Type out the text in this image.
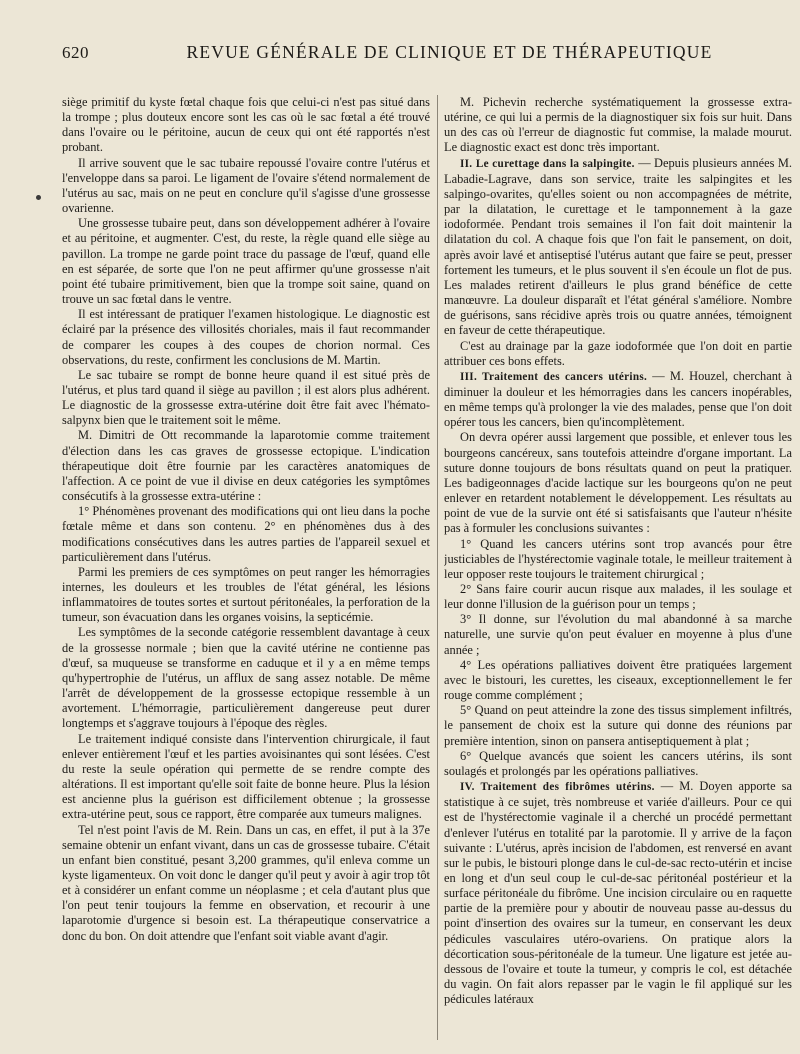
620	REVUE GÉNÉRALE DE CLINIQUE ET DE THÉRAPEUTIQUE

siège primitif du kyste fœtal chaque fois que celui-ci n'est pas situé dans la trompe ; plus douteux encore sont les cas où le sac fœtal a été trouvé dans l'ovaire ou le péritoine, aucun de ceux qui ont été rapportés n'est probant.

Il arrive souvent que le sac tubaire repoussé l'ovaire contre l'utérus et l'enveloppe dans sa paroi. Le ligament de l'ovaire s'étend normalement de l'utérus au sac, mais on ne peut en conclure qu'il s'agisse d'une grossesse ovarienne.

Une grossesse tubaire peut, dans son développement adhérer à l'ovaire et au péritoine, et augmenter. C'est, du reste, la règle quand elle siège au pavillon. La trompe ne garde point trace du passage de l'œuf, quand elle en est séparée, de sorte que l'on ne peut affirmer qu'une grossesse n'ait point été tubaire primitivement, bien que la trompe soit saine, quand on trouve un sac fœtal dans le ventre.

Il est intéressant de pratiquer l'examen histologique. Le diagnostic est éclairé par la présence des villosités choriales, mais il faut recommander de comparer les coupes à des coupes de chorion normal. Ces observations, du reste, confirment les conclusions de M. Martin.

Le sac tubaire se rompt de bonne heure quand il est situé près de l'utérus, et plus tard quand il siège au pavillon ; il est alors plus adhérent. Le diagnostic de la grossesse extra-utérine doit être fait avec l'hémato-salpynx bien que le traitement soit le même.

M. Dimitri de Ott recommande la laparotomie comme traitement d'élection dans les cas graves de grossesse ectopique. L'indication thérapeutique doit être fournie par les caractères anatomiques de l'affection. A ce point de vue il divise en deux catégories les symptômes consécutifs à la grossesse extra-utérine :

1° Phénomènes provenant des modifications qui ont lieu dans la poche fœtale même et dans son contenu. 2° en phénomènes dus à des modifications consécutives dans les autres parties de l'appareil sexuel et particulièrement dans l'utérus.

Parmi les premiers de ces symptômes on peut ranger les hémorragies internes, les douleurs et les troubles de l'état général, les lésions inflammatoires de toutes sortes et surtout péritonéales, la perforation de la tumeur, son évacuation dans les organes voisins, la septicémie.

Les symptômes de la seconde catégorie ressemblent davantage à ceux de la grossesse normale ; bien que la cavité utérine ne contienne pas d'œuf, sa muqueuse se transforme en caduque et il y a en même temps qu'hypertrophie de l'utérus, un afflux de sang assez notable. De même l'arrêt de développement de la grossesse ectopique ressemble à un avortement. L'hémorragie, particulièrement dangereuse peut durer longtemps et s'aggrave toujours à l'époque des règles.

Le traitement indiqué consiste dans l'intervention chirurgicale, il faut enlever entièrement l'œuf et les parties avoisinantes qui sont lésées. C'est du reste la seule opération qui permette de se rendre compte des altérations. Il est important qu'elle soit faite de bonne heure. Plus la lésion est ancienne plus la guérison est difficilement obtenue ; la grossesse extra-utérine peut, sous ce rapport, être comparée aux tumeurs malignes.

Tel n'est point l'avis de M. Rein. Dans un cas, en effet, il put à la 37e semaine obtenir un enfant vivant, dans un cas de grossesse tubaire. C'était un enfant bien constitué, pesant 3,200 grammes, qu'il enleva comme un kyste ligamenteux. On voit donc le danger qu'il peut y avoir à agir trop tôt et à considérer un enfant comme un néoplasme ; et cela d'autant plus que l'on peut tenir toujours la femme en observation, et recourir à une laparotomie d'urgence si besoin est. La thérapeutique conservatrice a donc du bon. On doit attendre que l'enfant soit viable avant d'agir.

M. Pichevin recherche systématiquement la grossesse extra-utérine, ce qui lui a permis de la diagnostiquer six fois sur huit. Dans un des cas où l'erreur de diagnostic fut commise, la malade mourut. Le diagnostic exact est donc très important.

II. Le curettage dans la salpingite. — Depuis plusieurs années M. Labadie-Lagrave, dans son service, traite les salpingites et les salpingo-ovarites, qu'elles soient ou non accompagnées de métrite, par la dilatation, le curettage et le tamponnement à la gaze iodoformée. Pendant trois semaines il l'on fait doit maintenir la dilatation du col. A chaque fois que l'on fait le pansement, on doit, après avoir lavé et antiseptisé l'utérus autant que faire se peut, presser fortement les tumeurs, et le plus souvent il s'en écoule un flot de pus. Les malades retirent d'ailleurs le plus grand bénéfice de cette manœuvre. La douleur disparaît et l'état général s'améliore. Nombre de guérisons, sans récidive après trois ou quatre années, témoignent en faveur de cette thérapeutique.

C'est au drainage par la gaze iodoformée que l'on doit en partie attribuer ces bons effets.

III. Traitement des cancers utérins. — M. Houzel, cherchant à diminuer la douleur et les hémorragies dans les cancers inopérables, en même temps qu'à prolonger la vie des malades, pense que l'on doit opérer tous les cancers, bien qu'incomplètement.

On devra opérer aussi largement que possible, et enlever tous les bourgeons cancéreux, sans toutefois atteindre d'organe important. La suture donne toujours de bons résultats quand on peut la pratiquer. Les badigeonnages d'acide lactique sur les bourgeons qu'on ne peut enlever en retardent notablement le développement. Les résultats au point de vue de la survie ont été si satisfaisants que l'auteur n'hésite pas à formuler les conclusions suivantes :

1° Quand les cancers utérins sont trop avancés pour être justiciables de l'hystérectomie vaginale totale, le meilleur traitement à leur opposer reste toujours le traitement chirurgical ;

2° Sans faire courir aucun risque aux malades, il les soulage et leur donne l'illusion de la guérison pour un temps ;

3° Il donne, sur l'évolution du mal abandonné à sa marche naturelle, une survie qu'on peut évaluer en moyenne à plus d'une année ;

4° Les opérations palliatives doivent être pratiquées largement avec le bistouri, les curettes, les ciseaux, exceptionnellement le fer rouge comme complément ;

5° Quand on peut atteindre la zone des tissus simplement infiltrés, le pansement de choix est la suture qui donne des réunions par première intention, sinon on pansera antiseptiquement à plat ;

6° Quelque avancés que soient les cancers utérins, ils sont soulagés et prolongés par les opérations palliatives.

IV. Traitement des fibrômes utérins. — M. Doyen apporte sa statistique à ce sujet, très nombreuse et variée d'ailleurs. Pour ce qui est de l'hystérectomie vaginale il a cherché un procédé permettant d'enlever l'utérus en totalité par la parotomie. Il y arrive de la façon suivante : L'utérus, après incision de l'abdomen, est renversé en avant sur le pubis, le bistouri plonge dans le cul-de-sac recto-utérin et incise en long et d'un seul coup le cul-de-sac péritonéal postérieur et la surface péritonéale du fibrôme. Une incision circulaire ou en raquette partie de la première pour y aboutir de nouveau passe au-dessus du point d'insertion des ovaires sur la tumeur, en conservant les deux pédicules vasculaires utéro-ovariens. On pratique alors la décortication sous-péritonéale de la tumeur. Une ligature est jetée au-dessous de l'ovaire et toute la tumeur, y compris le col, est détachée du vagin. On fait alors repasser par le vagin le fil appliqué sur les pédicules latéraux
